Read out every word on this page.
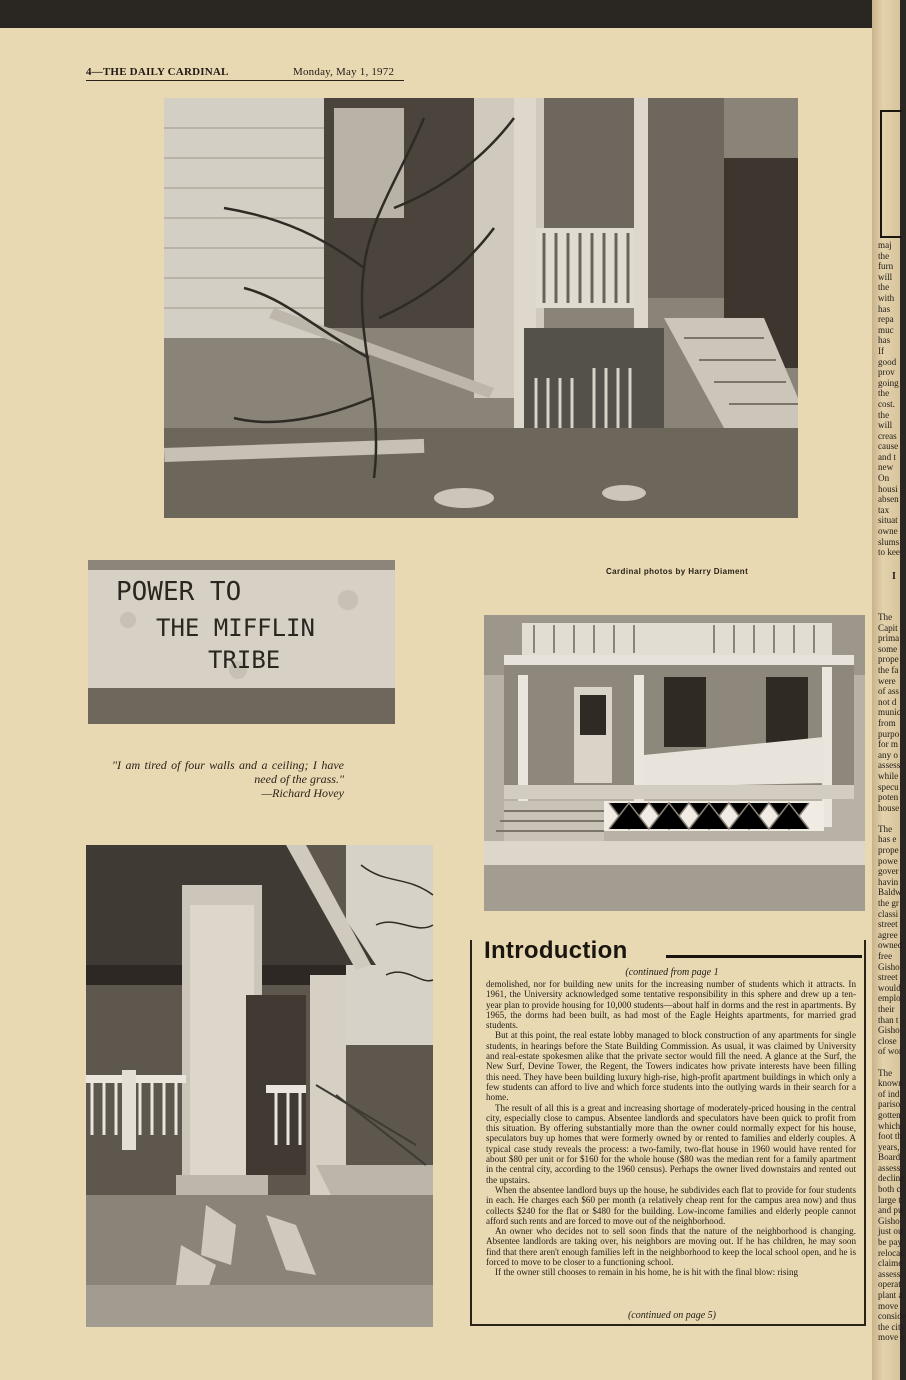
4—THE DAILY CARDINAL	Monday, May 1, 1972
Cardinal photos by Harry Diament
POWER TO
THE MIFFLIN
TRIBE
"I am tired of four walls and a ceiling; I have need of the grass."
—Richard Hovey
Introduction
(continued from page 1

demolished, nor for building new units for the increasing number of students which it attracts. In 1961, the University acknowledged some tentative responsibility in this sphere and drew up a ten-year plan to provide housing for 10,000 students—about half in dorms and the rest in apartments. By 1965, the dorms had been built, as had most of the Eagle Heights apartments, for married grad students.

But at this point, the real estate lobby managed to block construction of any apartments for single students, in hearings before the State Building Commission. As usual, it was claimed by University and real-estate spokesmen alike that the private sector would fill the need. A glance at the Surf, the New Surf, Devine Tower, the Regent, the Towers indicates how private interests have been filling this need. They have been building luxury high-rise, high-profit apartment buildings in which only a few students can afford to live and which force students into the outlying wards in their search for a home.

The result of all this is a great and increasing shortage of moderately-priced housing in the central city, especially close to campus. Absentee landlords and speculators have been quick to profit from this situation. By offering substantially more than the owner could normally expect for his house, speculators buy up homes that were formerly owned by or rented to families and elderly couples. A typical case study reveals the process: a two-family, two-flat house in 1960 would have rented for about $80 per unit or for $160 for the whole house ($80 was the median rent for a family apartment in the central city, according to the 1960 census). Perhaps the owner lived downstairs and rented out the upstairs.

When the absentee landlord buys up the house, he subdivides each flat to provide for four students in each. He charges each $60 per month (a relatively cheap rent for the campus area now) and thus collects $240 for the flat or $480 for the building. Low-income families and elderly people cannot afford such rents and are forced to move out of the neighborhood.

An owner who decides not to sell soon finds that the nature of the neighborhood is changing. Absentee landlords are taking over, his neighbors are moving out. If he has children, he may soon find that there aren't enough families left in the neighborhood to keep the local school open, and he is forced to move to be closer to a functioning school.

If the owner still chooses to remain in his home, he is hit with the final blow: rising

(continued on page 5)
maj
the
furn
will
the
with
has
repa
muc
has
If
good
prov
going
the
cost.
the
will
creas
cause
and t
new
On
housi
absen
tax
situat
owne
slums
to kee
I
The
Capit
prima
some
prope
the fa
were
of ass
not d
munic
from
purpo
for m
any o
assess
while
specu
poten
house

The
has e
prope
powe
gover
havin
Baldw
the gr
classi
street
agree
owned
free
Gisho
street
would
emplo
their
than t
Gisho
close
of wor

The
known
of ind
pariso
gotten
which
foot th
years,
Board
assess
decline
both c
large t
and pu
Gisho
just ou
be pay
relocat
claime
assess
operat
plant a
move
conside
the city
move s
